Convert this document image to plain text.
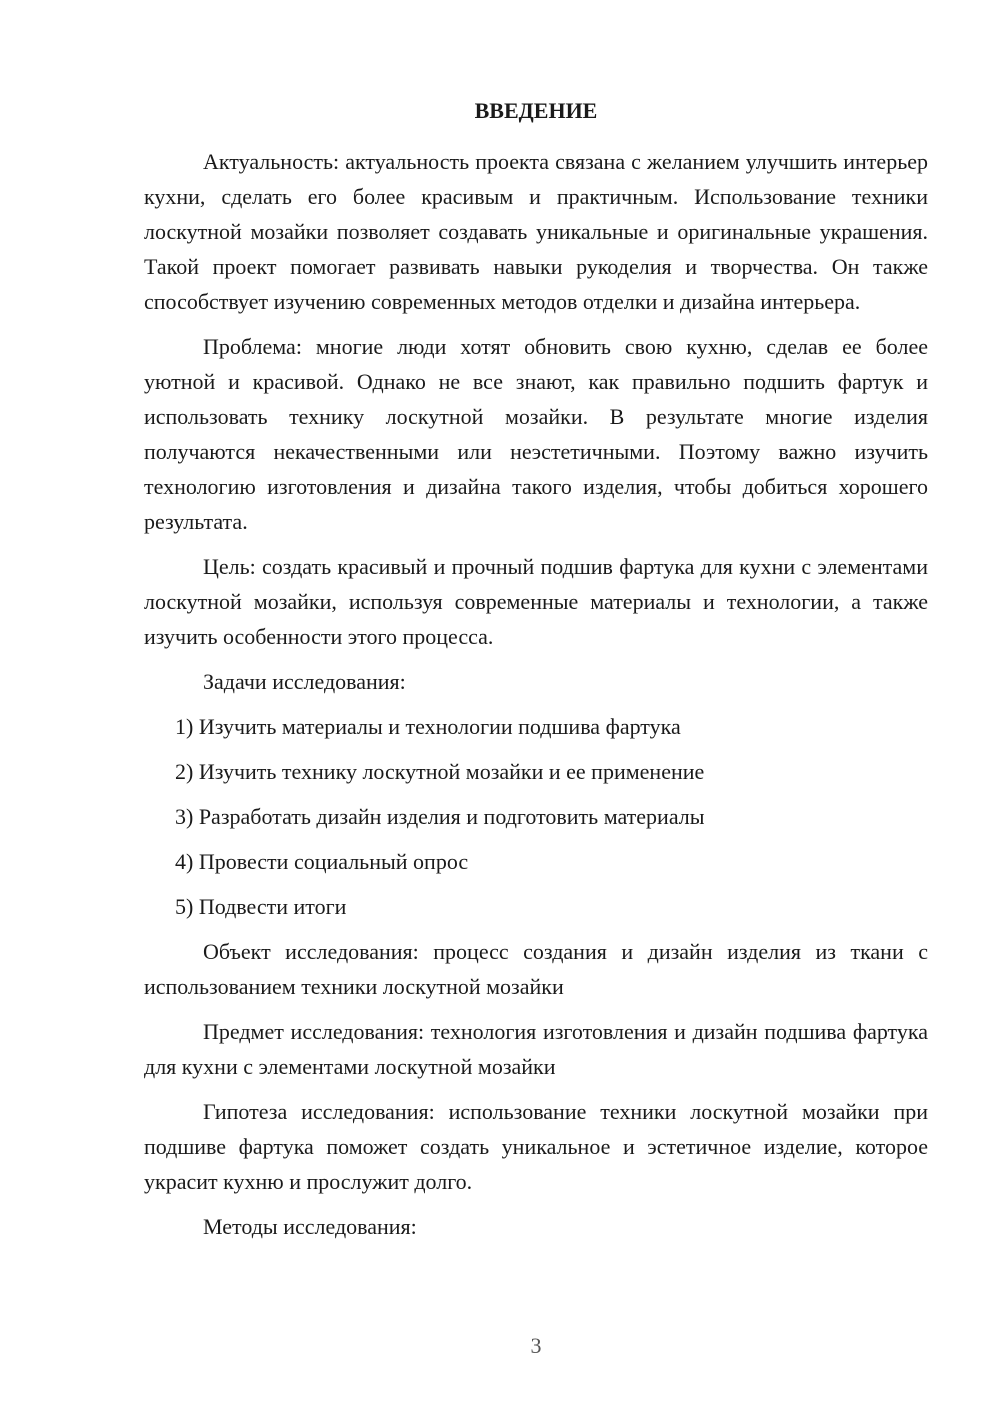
ВВЕДЕНИЕ

Актуальность: актуальность проекта связана с желанием улучшить интерьер кухни, сделать его более красивым и практичным. Использование техники лоскутной мозайки позволяет создавать уникальные и оригинальные украшения. Такой проект помогает развивать навыки рукоделия и творчества. Он также способствует изучению современных методов отделки и дизайна интерьера.

Проблема: многие люди хотят обновить свою кухню, сделав ее более уютной и красивой. Однако не все знают, как правильно подшить фартук и использовать технику лоскутной мозайки. В результате многие изделия получаются некачественными или неэстетичными. Поэтому важно изучить технологию изготовления и дизайна такого изделия, чтобы добиться хорошего результата.

Цель: создать красивый и прочный подшив фартука для кухни с элементами лоскутной мозайки, используя современные материалы и технологии, а также изучить особенности этого процесса.

Задачи исследования:

1) Изучить материалы и технологии подшива фартука

2) Изучить технику лоскутной мозайки и ее применение

3) Разработать дизайн изделия и подготовить материалы

4) Провести социальный опрос

5) Подвести итоги

Объект исследования: процесс создания и дизайн изделия из ткани с использованием техники лоскутной мозайки

Предмет исследования: технология изготовления и дизайн подшива фартука для кухни с элементами лоскутной мозайки

Гипотеза исследования: использование техники лоскутной мозайки при подшиве фартука поможет создать уникальное и эстетичное изделие, которое украсит кухню и прослужит долго.

Методы исследования:

3
